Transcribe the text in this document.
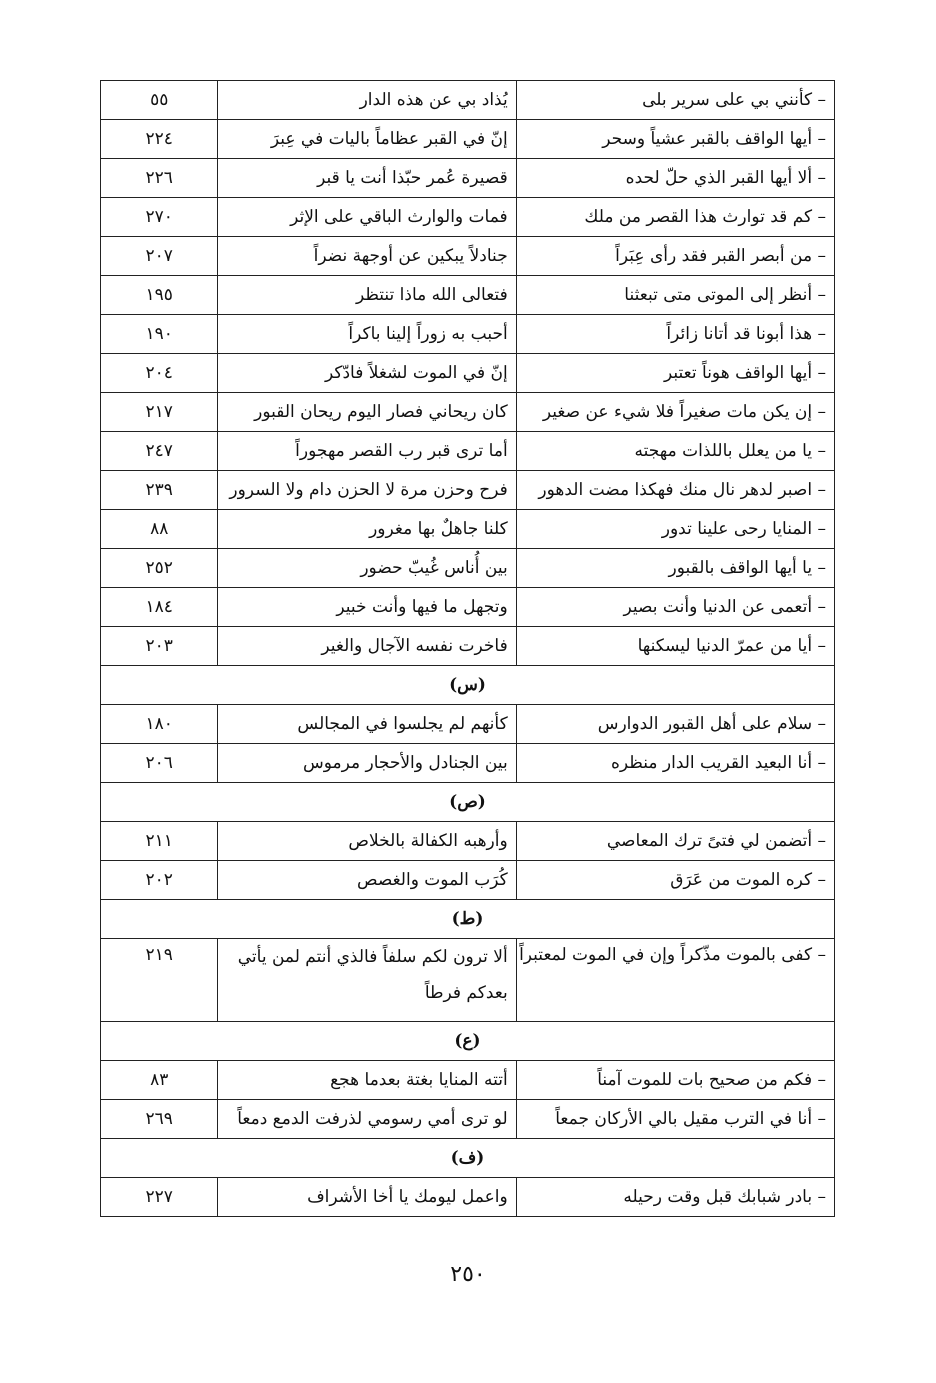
– كأنني بي على سرير بلى	يُذاد بي عن هذه الدار	٥٥
– أيها الواقف بالقبر عشياً وسحر	إنّ في القبر عظاماً باليات في عِبرَ	٢٢٤
– ألا أيها القبر الذي حلّ لحده	قصيرة عُمر حبّذا أنت يا قبر	٢٢٦
– كم قد توارث هذا القصر من ملك	فمات والوارث الباقي على الإثر	٢٧٠
– من أبصر القبر فقد رأى عِبَراً	جنادلاً يبكين عن أوجهة نضراً	٢٠٧
– أنظر إلى الموتى متى تبعثنا	فتعالى الله ماذا تنتظر	١٩٥
– هذا أبونا قد أتانا زائراً	أحبب به زوراً إلينا باكراً	١٩٠
– أيها الواقف هوناً تعتبر	إنّ في الموت لشغلاً فادّكر	٢٠٤
– إن يكن مات صغيراً فلا شيء عن صغير	كان ريحاني فصار اليوم ريحان القبور	٢١٧
– يا من يعلل باللذات مهجته	أما ترى قبر رب القصر مهجوراً	٢٤٧
– اصبر لدهر نال منك فهكذا مضت الدهور	فرح وحزن مرة لا الحزن دام ولا السرور	٢٣٩
– المنايا رحى علينا تدور	كلنا جاهلٌ بها مغرور	٨٨
– يا أيها الواقف بالقبور	بين أُناس غُيبّ حضور	٢٥٢
– أتعمى عن الدنيا وأنت بصير	وتجهل ما فيها وأنت خبير	١٨٤
– أيا من عمرّ الدنيا ليسكنها	فاخرت نفسه الآجال والغير	٢٠٣
(س)		
– سلام على أهل القبور الدوارس	كأنهم لم يجلسوا في المجالس	١٨٠
– أنا البعيد القريب الدار منظره	بين الجنادل والأحجار مرموس	٢٠٦
(ص)		
– أتضمن لي فتىً ترك المعاصي	وأرهبه الكفالة بالخلاص	٢١١
– كره الموت من عَرَق	كُرَب الموت والغصص	٢٠٢
(ط)		
– كفى بالموت مذّكراً وإن في الموت لمعتبراً	ألا ترون لكم سلفاً فالذي أنتم لمن يأتي بعدكم فرطاً	٢١٩
(ع)		
– فكم من صحيح بات للموت آمناً	أتته المنايا بغتة بعدما هجع	٨٣
– أنا في الترب مقيل بالي الأركان جمعاً	لو ترى أمي رسومي لذرفت الدمع دمعاً	٢٦٩
(ف)		
– بادر شبابك قبل وقت رحيله	واعمل ليومك يا أخا الأشراف	٢٢٧
٢٥٠
